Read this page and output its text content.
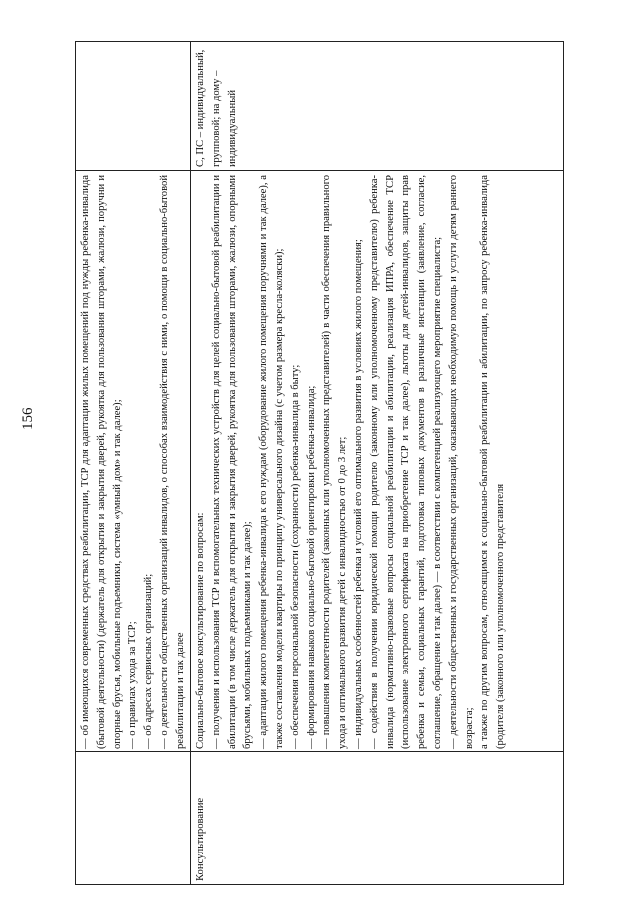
156	— об имеющихся современных средствах реабилитации, ТСР для адаптации жилых помещений под нужды ребенка-инвалида (бытовой деятельности) (держатель для открытия и закрытия дверей, рукоятка для пользования шторами, жалюзи, поручни и опорные брусья, мобильные подъемники, система «умный дом» и так далее); — о правилах ухода за ТСР; — об адресах сервисных организаций; — о деятельности общественных организаций инвалидов, о способах взаимодействия с ними, о помощи в социально-бытовой реабилитации и так далее

Консультирование

Социально-бытовое консультирование по вопросам: — получения и использования ТСР и вспомогательных технических устройств для целей социально-бытовой реабилитации и абилитации (в том числе держатель для открытия и закрытия дверей, рукоятка для пользования шторами, жалюзи, опорными брусьями, мобильных подъемниками и так далее); — адаптации жилого помещения ребенка-инвалида к его нуждам (оборудование жилого помещения поручнями и так далее), а также составления модели квартиры по принципу универсального дизайна (с учетом размера кресла-коляски); — обеспечения персональной безопасности (сохранности) ребенка-инвалида в быту; — формирования навыков социально-бытовой ориентировки ребенка-инвалида; — повышения компетентности родителей (законных или уполномоченных представителей) в части обеспечения правильного ухода и оптимального развития детей с инвалидностью от 0 до 3 лет; — индивидуальных особенностей ребенка и условий его оптимального развития в условиях жилого помещения; — содействия в получении юридической помощи родителю (законному или уполномоченному представителю) ребенка-инвалида (нормативно-правовые вопросы социальной реабилитации и абилитации, реализация ИПРА, обеспечение ТСР (использование электронного сертификата на приобретение ТСР и так далее), льготы для детей-инвалидов, защиты прав ребенка и семьи, социальных гарантий, подготовка типовых документов в различные инстанции (заявление, согласие, соглашение, обращение и так далее) — в соответствии с компетенцией реализующего мероприятие специалиста; — деятельности общественных и государственных организаций, оказывающих необходимую помощь и услуги детям раннего возраста; а также по другим вопросам, относящимся к социально-бытовой реабилитации и абилитации, по запросу ребенка-инвалида (родителя (законного или уполномоченного представителя

С, ПС – индивидуальный, групповой; на дому – индивидуальный
